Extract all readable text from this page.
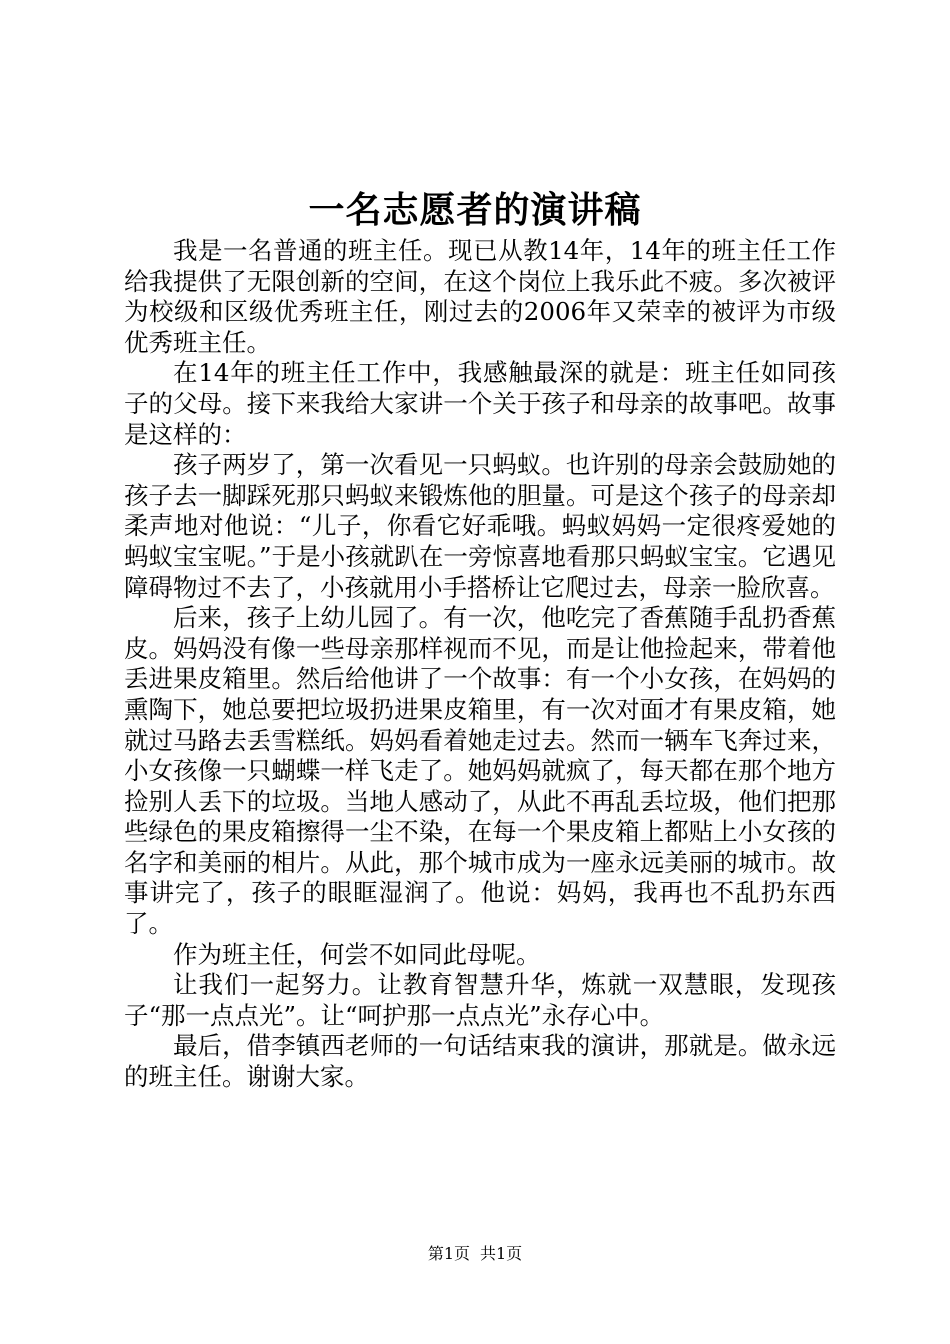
一名志愿者的演讲稿

我是一名普通的班主任。现已从教14年，14年的班主任工作给我提供了无限创新的空间，在这个岗位上我乐此不疲。多次被评为校级和区级优秀班主任，刚过去的2006年又荣幸的被评为市级优秀班主任。

在14年的班主任工作中，我感触最深的就是：班主任如同孩子的父母。接下来我给大家讲一个关于孩子和母亲的故事吧。故事是这样的：

孩子两岁了，第一次看见一只蚂蚁。也许别的母亲会鼓励她的孩子去一脚踩死那只蚂蚁来锻炼他的胆量。可是这个孩子的母亲却柔声地对他说：“儿子，你看它好乖哦。蚂蚁妈妈一定很疼爱她的蚂蚁宝宝呢。”于是小孩就趴在一旁惊喜地看那只蚂蚁宝宝。它遇见障碍物过不去了，小孩就用小手搭桥让它爬过去，母亲一脸欣喜。

后来，孩子上幼儿园了。有一次，他吃完了香蕉随手乱扔香蕉皮。妈妈没有像一些母亲那样视而不见，而是让他捡起来，带着他丢进果皮箱里。然后给他讲了一个故事：有一个小女孩，在妈妈的熏陶下，她总要把垃圾扔进果皮箱里，有一次对面才有果皮箱，她就过马路去丢雪糕纸。妈妈看着她走过去。然而一辆车飞奔过来，小女孩像一只蝴蝶一样飞走了。她妈妈就疯了，每天都在那个地方捡别人丢下的垃圾。当地人感动了，从此不再乱丢垃圾，他们把那些绿色的果皮箱擦得一尘不染，在每一个果皮箱上都贴上小女孩的名字和美丽的相片。从此，那个城市成为一座永远美丽的城市。故事讲完了，孩子的眼眶湿润了。他说：妈妈，我再也不乱扔东西了。

作为班主任，何尝不如同此母呢。

让我们一起努力。让教育智慧升华，炼就一双慧眼，发现孩子“那一点点光”。让“呵护那一点点光”永存心中。

最后，借李镇西老师的一句话结束我的演讲，那就是。做永远的班主任。谢谢大家。

第1页 共1页
